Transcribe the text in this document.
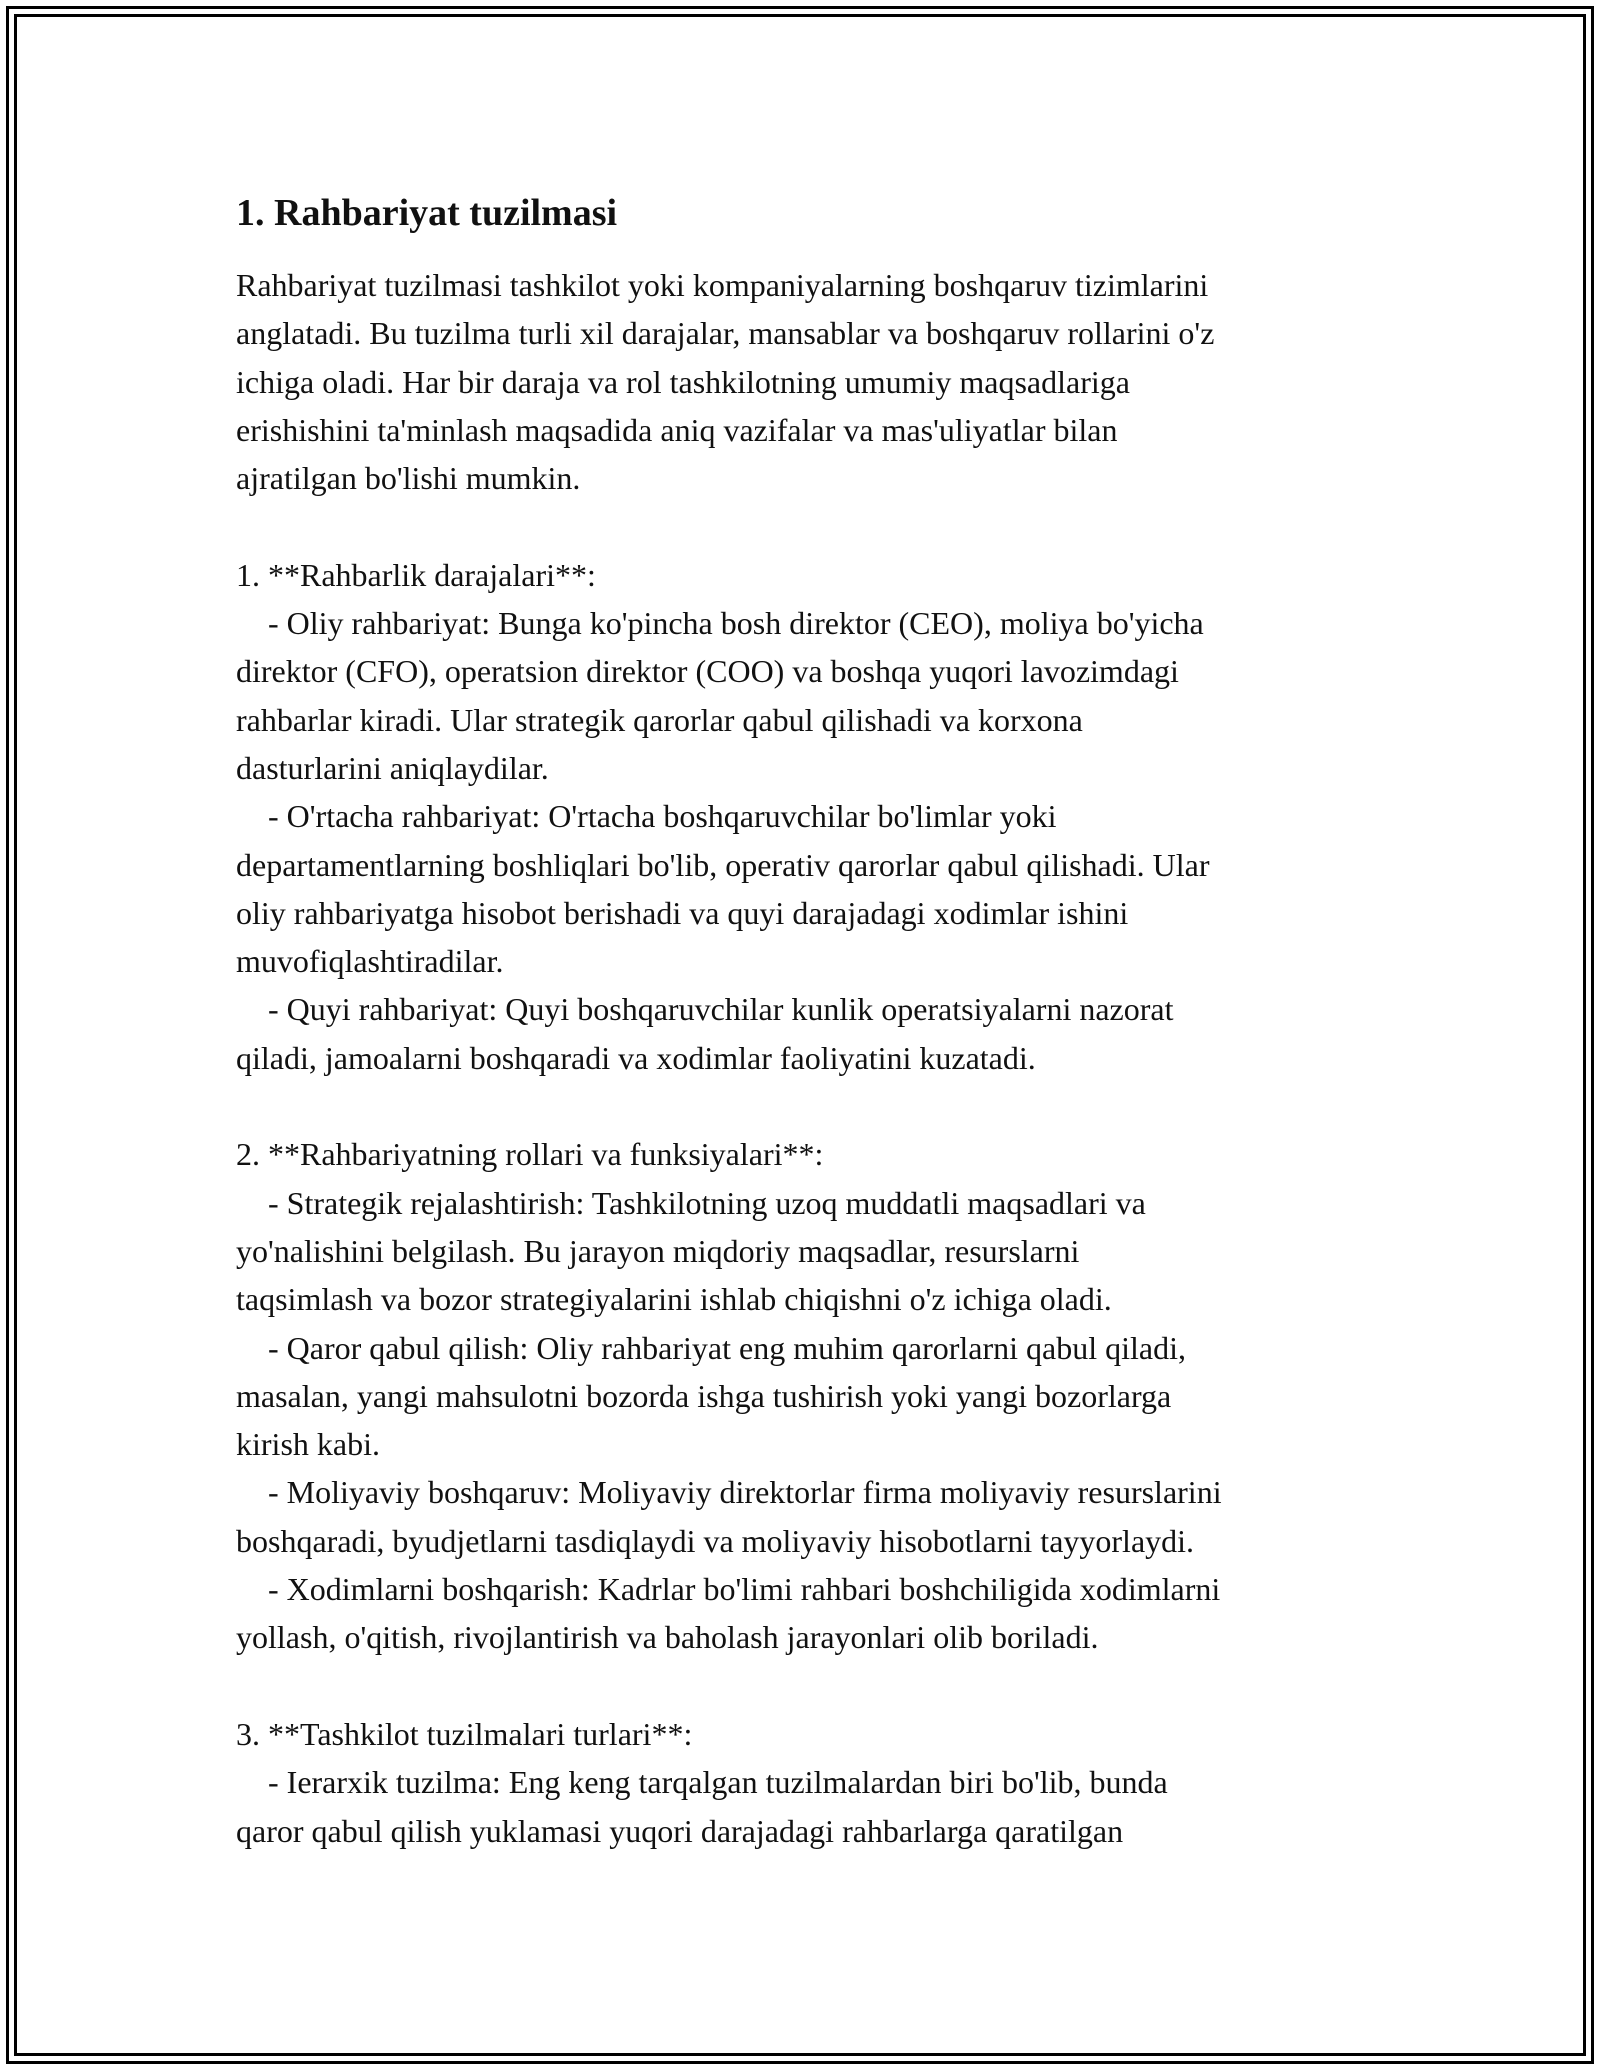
1. Rahbariyat tuzilmasi

Rahbariyat tuzilmasi tashkilot yoki kompaniyalarning boshqaruv tizimlarini
anglatadi. Bu tuzilma turli xil darajalar, mansablar va boshqaruv rollarini o'z
ichiga oladi. Har bir daraja va rol tashkilotning umumiy maqsadlariga
erishishini ta'minlash maqsadida aniq vazifalar va mas'uliyatlar bilan
ajratilgan bo'lishi mumkin.

1. **Rahbarlik darajalari**:
- Oliy rahbariyat: Bunga ko'pincha bosh direktor (CEO), moliya bo'yicha
direktor (CFO), operatsion direktor (COO) va boshqa yuqori lavozimdagi
rahbarlar kiradi. Ular strategik qarorlar qabul qilishadi va korxona
dasturlarini aniqlaydilar.
- O'rtacha rahbariyat: O'rtacha boshqaruvchilar bo'limlar yoki
departamentlarning boshliqlari bo'lib, operativ qarorlar qabul qilishadi. Ular
oliy rahbariyatga hisobot berishadi va quyi darajadagi xodimlar ishini
muvofiqlashtiradilar.
- Quyi rahbariyat: Quyi boshqaruvchilar kunlik operatsiyalarni nazorat
qiladi, jamoalarni boshqaradi va xodimlar faoliyatini kuzatadi.

2. **Rahbariyatning rollari va funksiyalari**:
- Strategik rejalashtirish: Tashkilotning uzoq muddatli maqsadlari va
yo'nalishini belgilash. Bu jarayon miqdoriy maqsadlar, resurslarni
taqsimlash va bozor strategiyalarini ishlab chiqishni o'z ichiga oladi.
- Qaror qabul qilish: Oliy rahbariyat eng muhim qarorlarni qabul qiladi,
masalan, yangi mahsulotni bozorda ishga tushirish yoki yangi bozorlarga
kirish kabi.
- Moliyaviy boshqaruv: Moliyaviy direktorlar firma moliyaviy resurslarini
boshqaradi, byudjetlarni tasdiqlaydi va moliyaviy hisobotlarni tayyorlaydi.
- Xodimlarni boshqarish: Kadrlar bo'limi rahbari boshchiligida xodimlarni
yollash, o'qitish, rivojlantirish va baholash jarayonlari olib boriladi.

3. **Tashkilot tuzilmalari turlari**:
- Ierarxik tuzilma: Eng keng tarqalgan tuzilmalardan biri bo'lib, bunda
qaror qabul qilish yuklamasi yuqori darajadagi rahbarlarga qaratilgan
